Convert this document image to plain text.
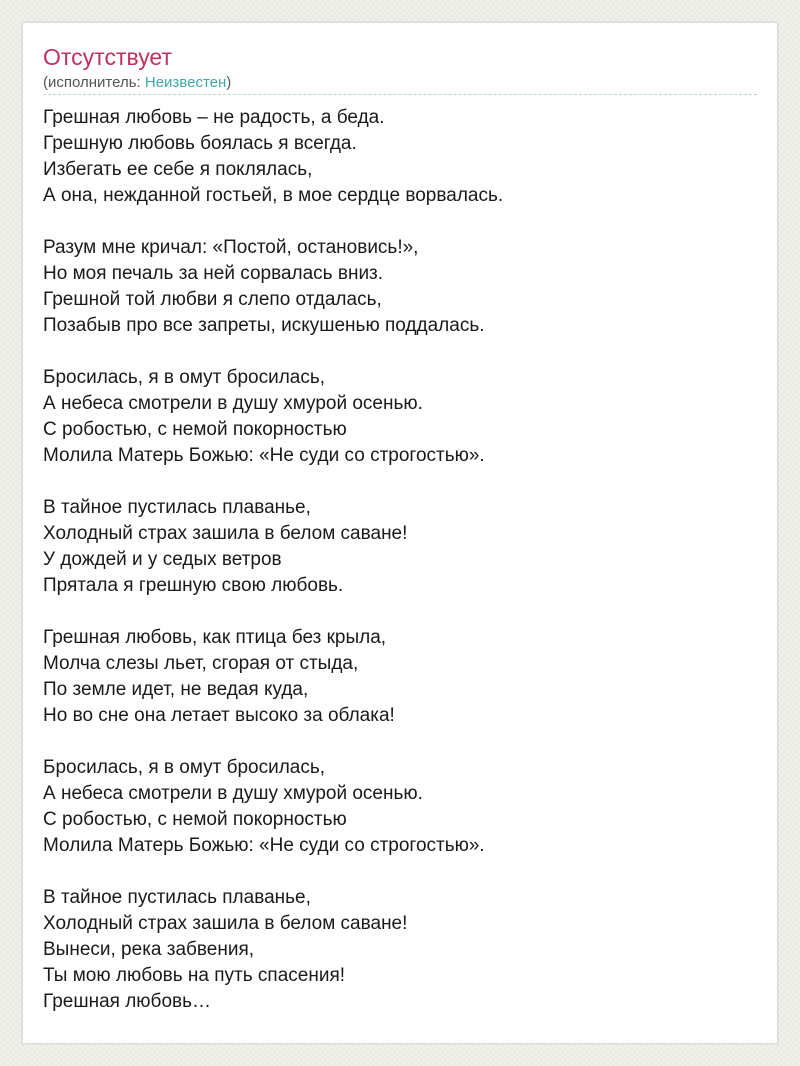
Отсутствует
(исполнитель: Неизвестен)
Грешная любовь – не радость, а беда.
Грешную любовь боялась я всегда.
Избегать ее себе я поклялась,
А она, нежданной гостьей, в мое сердце ворвалась.
Разум мне кричал: «Постой, остановись!»,
Но моя печаль за ней сорвалась вниз.
Грешной той любви я слепо отдалась,
Позабыв про все запреты, искушенью поддалась.
Бросилась, я в омут бросилась,
А небеса смотрели в душу хмурой осенью.
С робостью, с немой покорностью
Молила Матерь Божью: «Не суди со строгостью».
В тайное пустилась плаванье,
Холодный страх зашила в белом саване!
У дождей и у седых ветров
Прятала я грешную свою любовь.
Грешная любовь, как птица без крыла,
Молча слезы льет, сгорая от стыда,
По земле идет, не ведая куда,
Но во сне она летает высоко за облака!
Бросилась, я в омут бросилась,
А небеса смотрели в душу хмурой осенью.
С робостью, с немой покорностью
Молила Матерь Божью: «Не суди со строгостью».
В тайное пустилась плаванье,
Холодный страх зашила в белом саване!
Вынеси, река забвения,
Ты мою любовь на путь спасения!
Грешная любовь…
